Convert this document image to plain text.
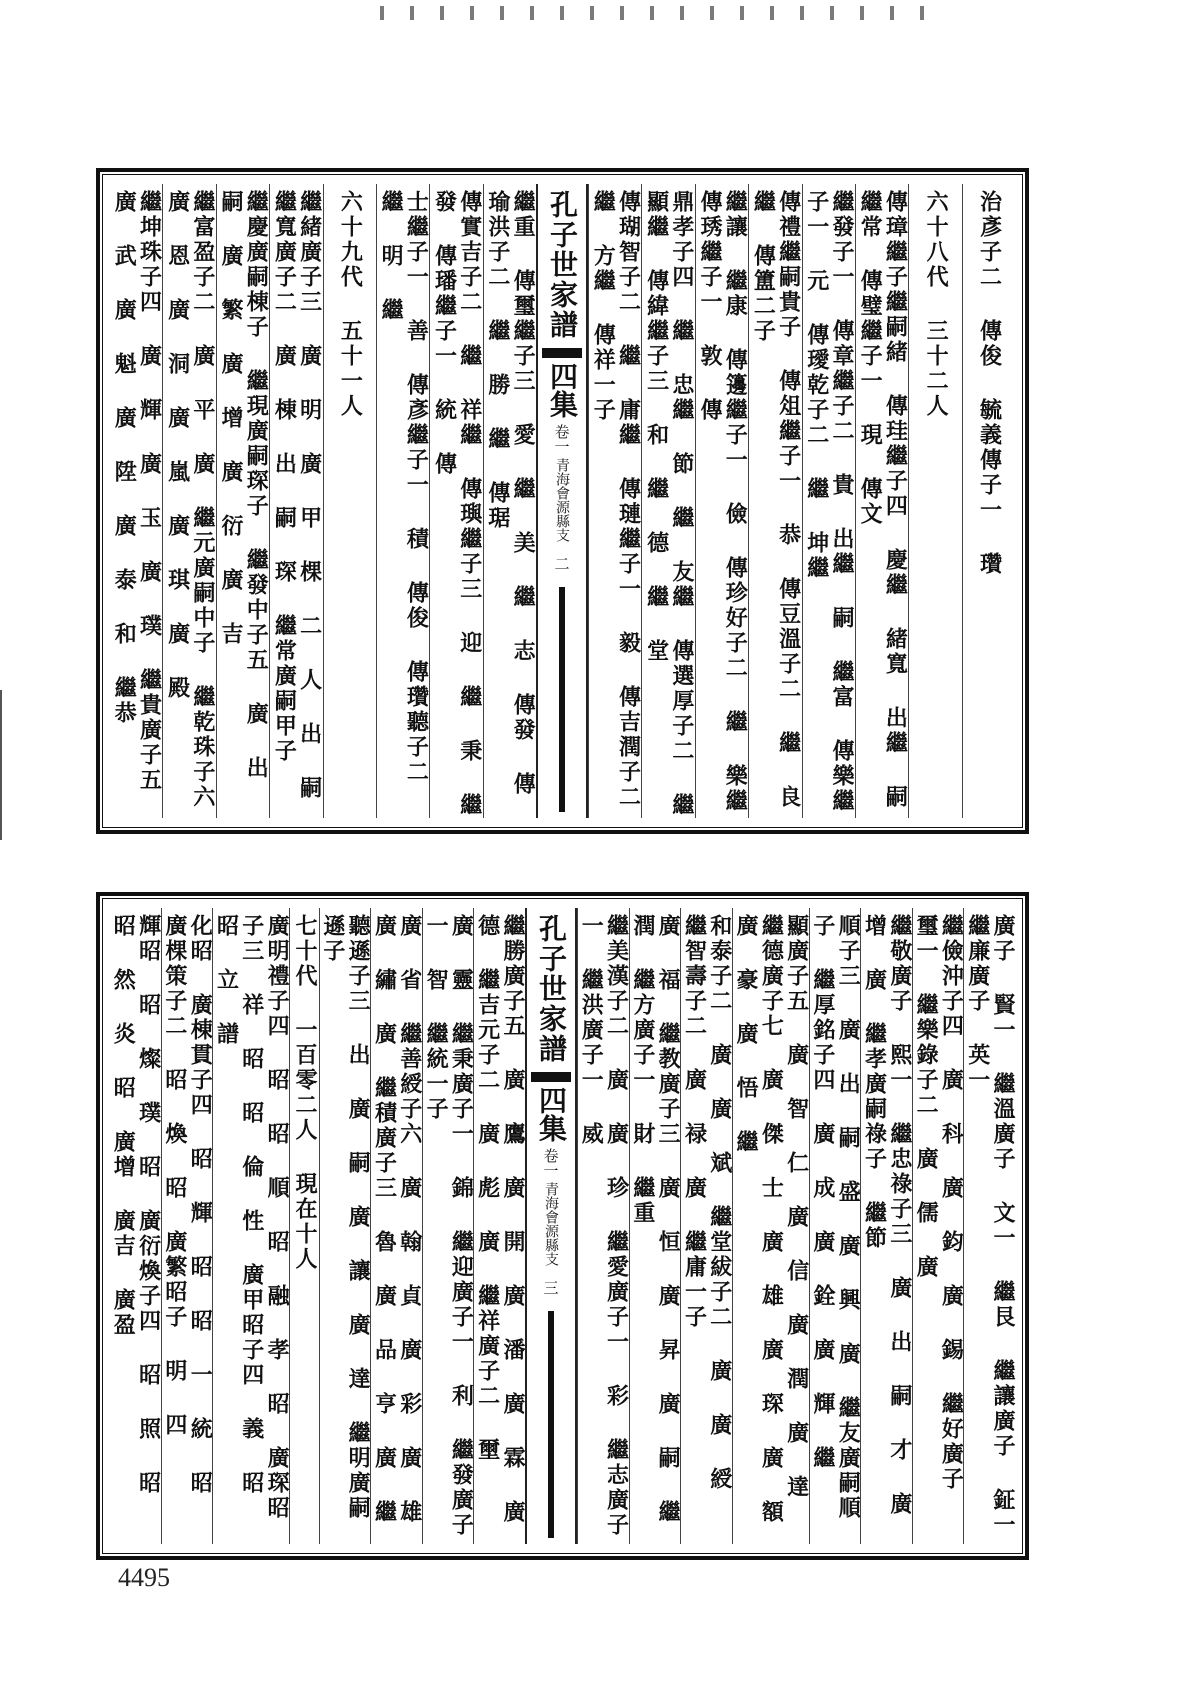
治彥子二 傳俊 毓義傳子一 瓚
六十八代 三十二人
傳璋繼子繼嗣緒 傳珪繼子四 慶繼 緒寬 出繼 嗣 繼常 傳璧繼子一 現 傳文
繼發子一 傳章繼子二 貴 出繼 嗣 繼富 傳樂繼子一 元 傳璦乾子二 繼 坤繼
傳禮繼嗣貴子 傳俎繼子一 恭 傳豆溫子二 繼 良繼 傳簠二子
繼讓 繼康 傳籩繼子一 儉 傳珍好子二 繼 樂繼 傳琇繼子一 敦 傳
鼎孝子四 繼 忠繼 節 繼 友繼 傳選厚子二 繼 顯繼 傳緯繼子三 和 繼 德 繼 堂
傳瑚智子二 繼 庸繼 傳璉繼子一 毅 傳吉潤子二 繼 方繼 傳祥一子
孔子世家譜
四集
卷一
青海會源縣支
二
繼重 傳璽繼子三 愛 繼 美 繼 志 傳發 傳瑜洪子二 繼 勝 繼 傳琚
傳實吉子二 繼 祥繼 傳璵繼子三 迎 繼 秉 繼 發 傳璠繼子一 統 傳
士繼子一 善 傳彥繼子一 積 傳俊 傳瓚聽子二 繼 明 繼
六十九代 五十一人
繼緒廣子三 廣 明 廣 甲 棵 二 人 出 嗣 繼寬廣子二 廣 棟 出 嗣 琛 繼常廣嗣甲子
繼慶廣嗣棟子 繼現廣嗣琛子 繼發中子五 廣 出 嗣 廣 繁 廣 增 廣 衍 廣 吉
繼富盈子二 廣 平 廣 繼元廣嗣中子 繼乾珠子六 廣 恩 廣 洞 廣 嵐 廣 琪 廣 殿
繼坤珠子四 廣 輝 廣 玉 廣 璞 繼貴廣子五 廣 武 廣 魁 廣 陞 廣 泰 和 繼恭
廣子 賢一 繼溫廣子 文一 繼艮 繼讓廣子 鉦一 繼廉廣子 英一
繼儉沖子四 廣 科 廣 鈞 廣 錫 繼好廣子 璽一 繼樂錄子二 廣 儒 廣
繼敬廣子 熙一 繼忠祿子三 廣 出 嗣 才 廣 增 廣 繼孝廣嗣祿子 繼節
順子三 廣 出 嗣 盛 廣 興 廣 繼友廣嗣順子 繼厚銘子四 廣 成 廣 銓 廣 輝 繼
顯廣子五 廣 智 仁 廣 信 廣 潤 廣 達 繼德廣子七 廣 傑 士 廣 雄 廣 琛 廣 額 廣 豪 廣 悟 繼
和泰子二 廣 廣 斌 繼堂紱子二 廣 廣 綬 繼智壽子二 廣 禄 廣 繼庸一子
廣 福 繼教廣子三 廣 恒 廣 昇 廣 嗣 繼潤 繼方廣子一 財 繼重
繼美漢子二 廣 廣 珍 繼愛廣子一 彩 繼志廣子一 繼洪廣子一 威
孔子世家譜
四集
卷一
青海會源縣支
三
繼勝廣子五 廣 鷹 廣 開 廣 潘 廣 霖 廣 德 繼吉元子二 廣 彪 廣 繼祥廣子二 壐
廣 靈 繼秉廣子一 錦 繼迎廣子一 利 繼發廣子一 智 繼統一子
廣 省 繼善綬子六 廣 翰 貞 廣 彩 廣 雄 廣 繡 廣 繼積廣子三 魯 廣 品 亨 廣 繼
聽遜子三 出 廣 嗣 廣 讓 廣 達 繼明廣嗣遜子
七十代 一百零二人 現在十人
廣明禮子四 昭 昭 順 昭 融 孝 昭 廣琛昭子三 祥 昭 昭 倫 性 廣甲昭子四 義 昭 昭 立 譜
化昭 廣棟貫子四 昭 輝 昭 昭 一 統 昭 廣棵策子二 昭 煥 昭 廣繁昭子 明 四
輝昭 昭 燦 璞 昭 廣衍煥子四 昭 照 昭 昭 然 炎 昭 廣增 廣吉 廣盈
4495
